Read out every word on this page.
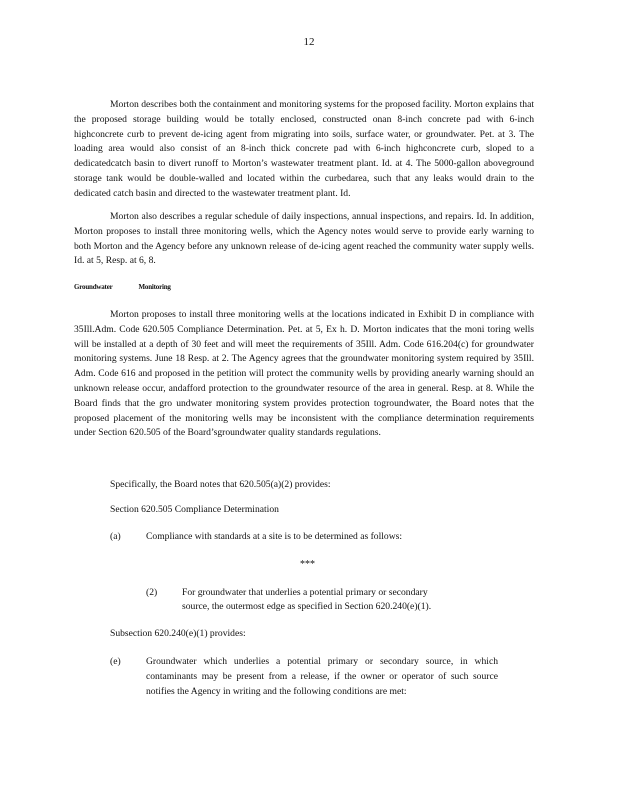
12

Morton describes both the containment and monitoring systems for the proposed facility. Morton explains that the proposed storage building would be totally enclosed, constructed onan 8-inch concrete pad with 6-inch highconcrete curb to prevent de-icing agent from migrating into soils, surface water, or groundwater. Pet. at 3. The loading area would also consist of an 8-inch thick concrete pad with 6-inch highconcrete curb, sloped to a dedicatedcatch basin to divert runoff to Morton’s wastewater treatment plant. Id. at 4. The 5000-gallon aboveground storage tank would be double-walled and located within the curbedarea, such that any leaks would drain to the dedicated catch basin and directed to the wastewater treatment plant. Id.

Morton also describes a regular schedule of daily inspections, annual inspections, and repairs. Id. In addition, Morton proposes to install three monitoring wells, which the Agency notes would serve to provide early warning to both Morton and the Agency before any unknown release of de-icing agent reached the community water supply wells. Id. at 5, Resp. at 6, 8.

Groundwater	Monitoring

Morton proposes to install three monitoring wells at the locations indicated in Exhibit D in compliance with 35Ill.Adm. Code 620.505 Compliance Determination. Pet. at 5, Ex h. D. Morton indicates that the moni toring wells will be installed at a depth of 30 feet and will meet the requirements of 35Ill. Adm. Code 616.204(c) for groundwater monitoring systems. June 18 Resp. at 2. The Agency agrees that the groundwater monitoring system required by 35Ill. Adm. Code 616 and proposed in the petition will protect the community wells by providing anearly warning should an unknown release occur, andafford protection to the groundwater resource of the area in general. Resp. at 8. While the Board finds that the gro undwater monitoring system provides protection togroundwater, the Board notes that the proposed placement of the monitoring wells may be inconsistent with the compliance determination requirements under Section 620.505 of the Board’sgroundwater quality standards regulations.

Specifically, the Board notes that 620.505(a)(2) provides:

Section 620.505 Compliance Determination

(a)	Compliance with standards at a site is to be determined as follows:

***

(2)	For groundwater that underlies a potential primary or secondary

source, the outermost edge as specified in Section 620.240(e)(1).

Subsection 620.240(e)(1) provides:

(e)	Groundwater which underlies a potential primary or secondary source, in which contaminants may be present from a release, if the owner or operator of such source notifies the Agency in writing and the following conditions are met:
